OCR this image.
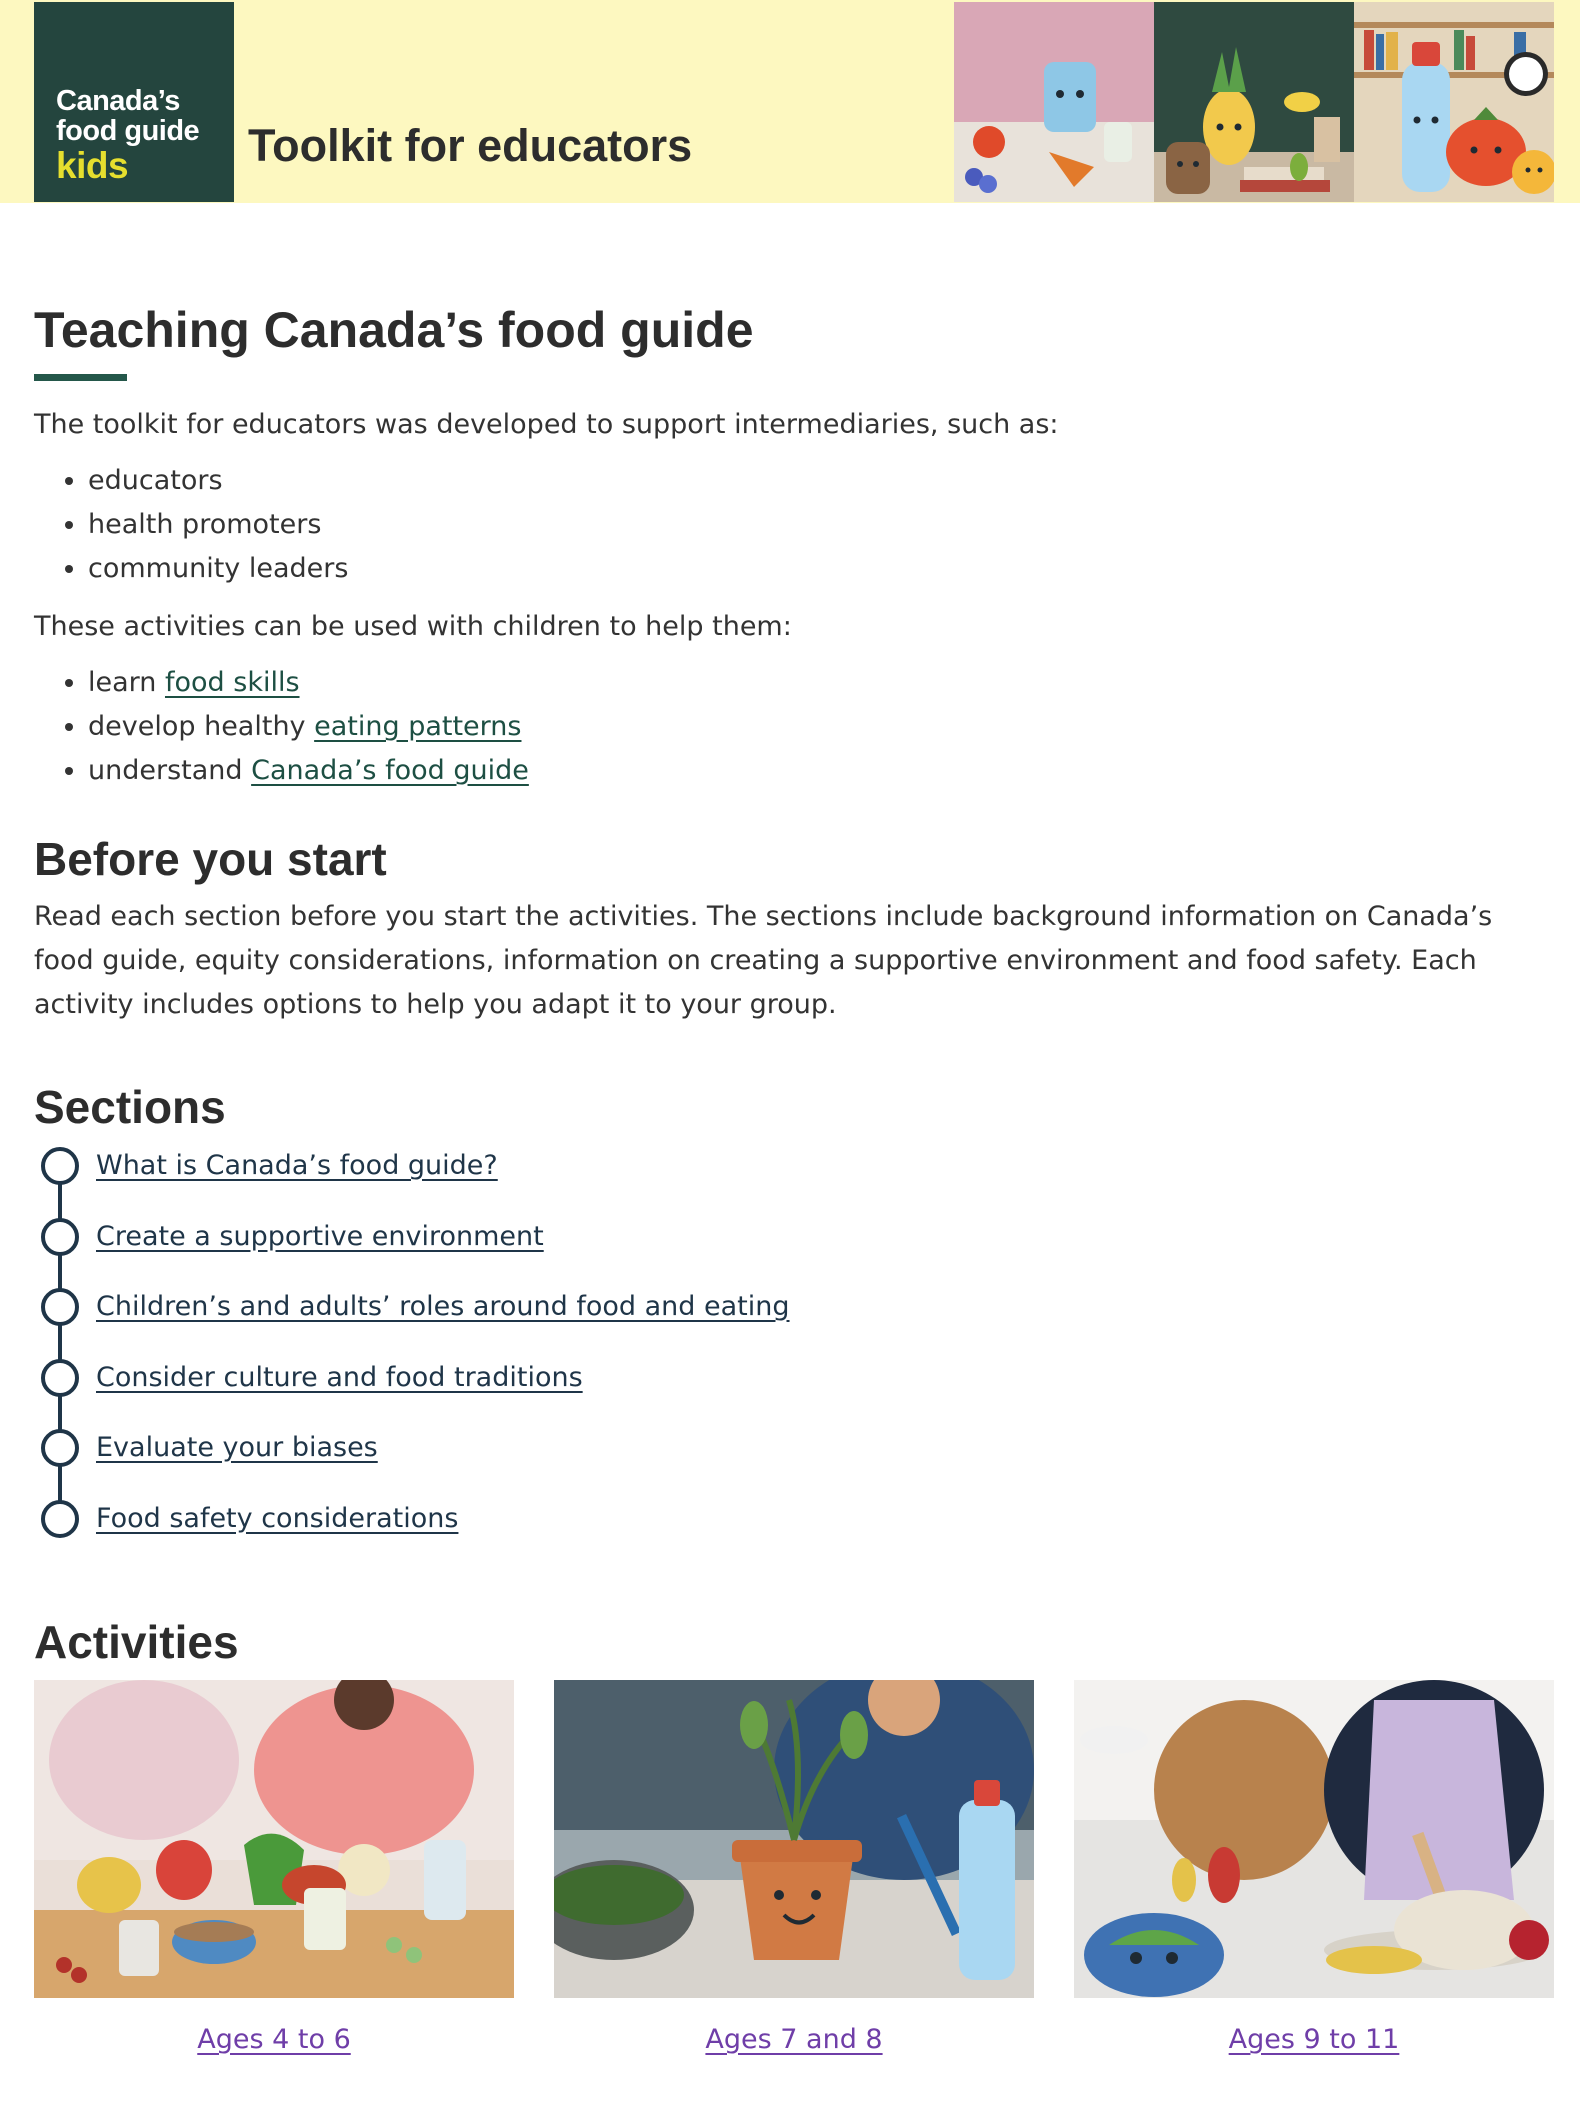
Canada’s
food guide
kids	Toolkit for educators
Teaching Canada’s food guide

The toolkit for educators was developed to support intermediaries, such as:

• educators
• health promoters
• community leaders

These activities can be used with children to help them:

• learn food skills
• develop healthy eating patterns
• understand Canada’s food guide
Before you start

Read each section before you start the activities. The sections include background information on Canada’s food guide, equity considerations, information on creating a supportive environment and food safety. Each activity includes options to help you adapt it to your group.

Sections
What is Canada’s food guide?
Create a supportive environment
Children’s and adults’ roles around food and eating
Consider culture and food traditions
Evaluate your biases
Food safety considerations
Activities
Ages 4 to 6	Ages 7 and 8	Ages 9 to 11
